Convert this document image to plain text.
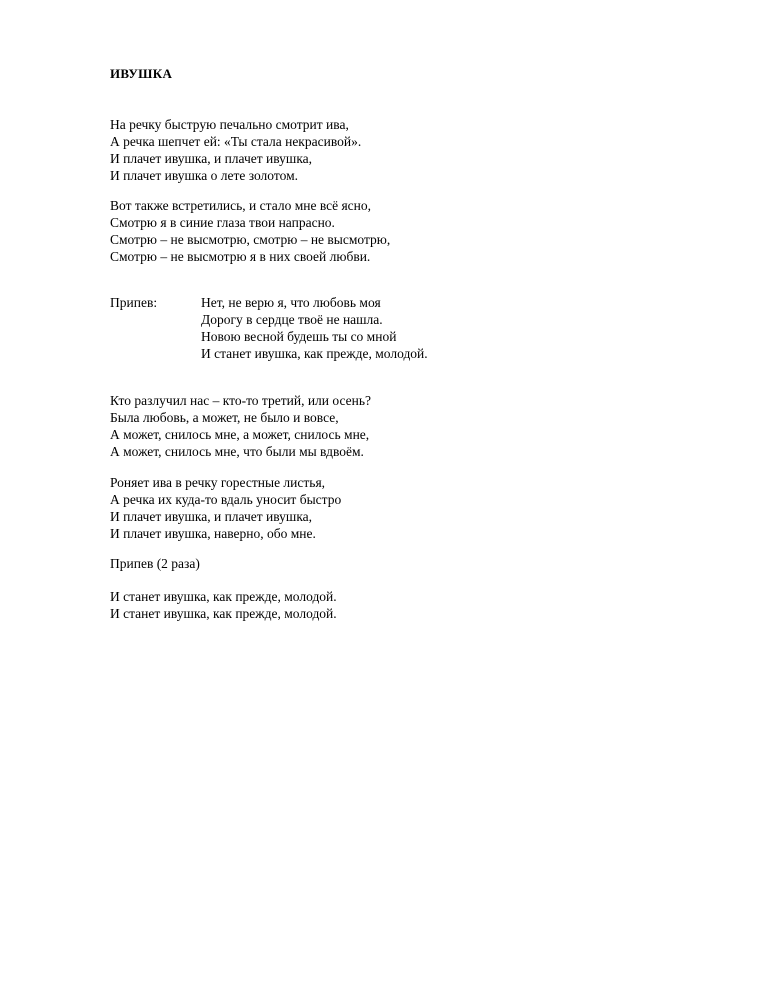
ИВУШКА
На речку быструю печально смотрит ива,
А речка шепчет ей: «Ты стала некрасивой».
И плачет ивушка, и плачет ивушка,
И плачет ивушка о лете золотом.
Вот также встретились, и стало мне всё ясно,
Смотрю я в синие глаза твои напрасно.
Смотрю – не высмотрю, смотрю – не высмотрю,
Смотрю – не высмотрю я в них своей любви.
Припев:	Нет, не верю я, что любовь моя
Дорогу в сердце твоё не нашла.
Новою весной будешь ты со мной
И станет ивушка, как прежде, молодой.
Кто разлучил нас – кто-то третий, или осень?
Была любовь, а может, не было и вовсе,
А может, снилось мне, а может, снилось мне,
А может, снилось мне, что были мы вдвоём.
Роняет ива в речку горестные листья,
А речка их куда-то вдаль уносит быстро
И плачет ивушка, и плачет ивушка,
И плачет ивушка, наверно, обо мне.
Припев (2 раза)
И станет ивушка, как прежде, молодой.
И станет ивушка, как прежде, молодой.
